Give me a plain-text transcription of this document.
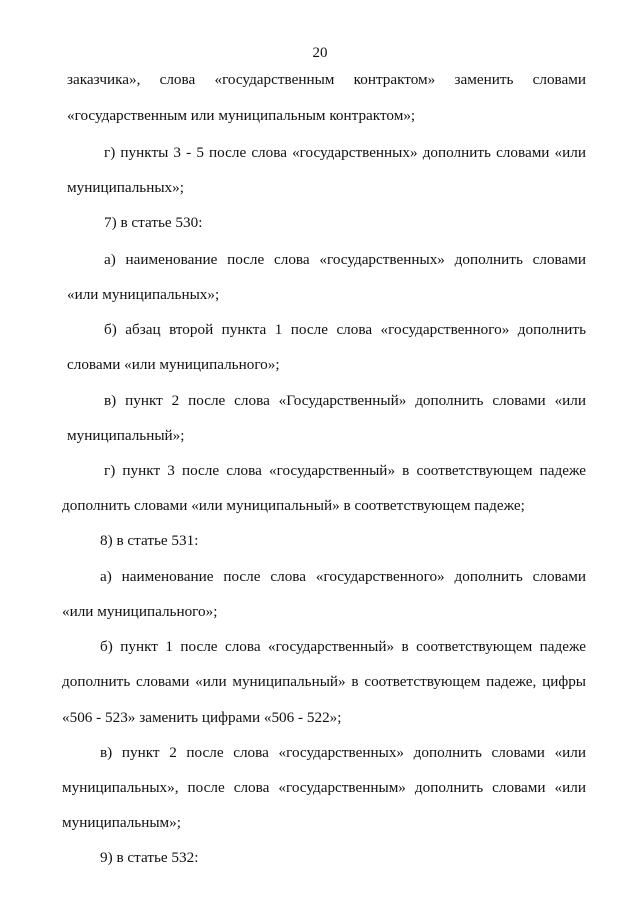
20
заказчика», слова «государственным контрактом» заменить словами
«государственным или муниципальным контрактом»;
г) пункты 3 - 5 после слова «государственных» дополнить словами «или
муниципальных»;
7) в статье 530:
а) наименование после слова «государственных» дополнить словами
«или муниципальных»;
б) абзац второй пункта 1 после слова «государственного» дополнить
словами «или муниципального»;
в) пункт 2 после слова «Государственный» дополнить словами «или
муниципальный»;
г) пункт 3 после слова «государственный» в соответствующем падеже
дополнить словами «или муниципальный» в соответствующем падеже;
8) в статье 531:
а) наименование после слова «государственного» дополнить словами
«или муниципального»;
б) пункт 1 после слова «государственный» в соответствующем падеже
дополнить словами «или муниципальный» в соответствующем падеже, цифры
«506 - 523» заменить цифрами «506 - 522»;
в) пункт 2 после слова «государственных» дополнить словами «или
муниципальных», после слова «государственным» дополнить словами «или
муниципальным»;
9) в статье 532:
